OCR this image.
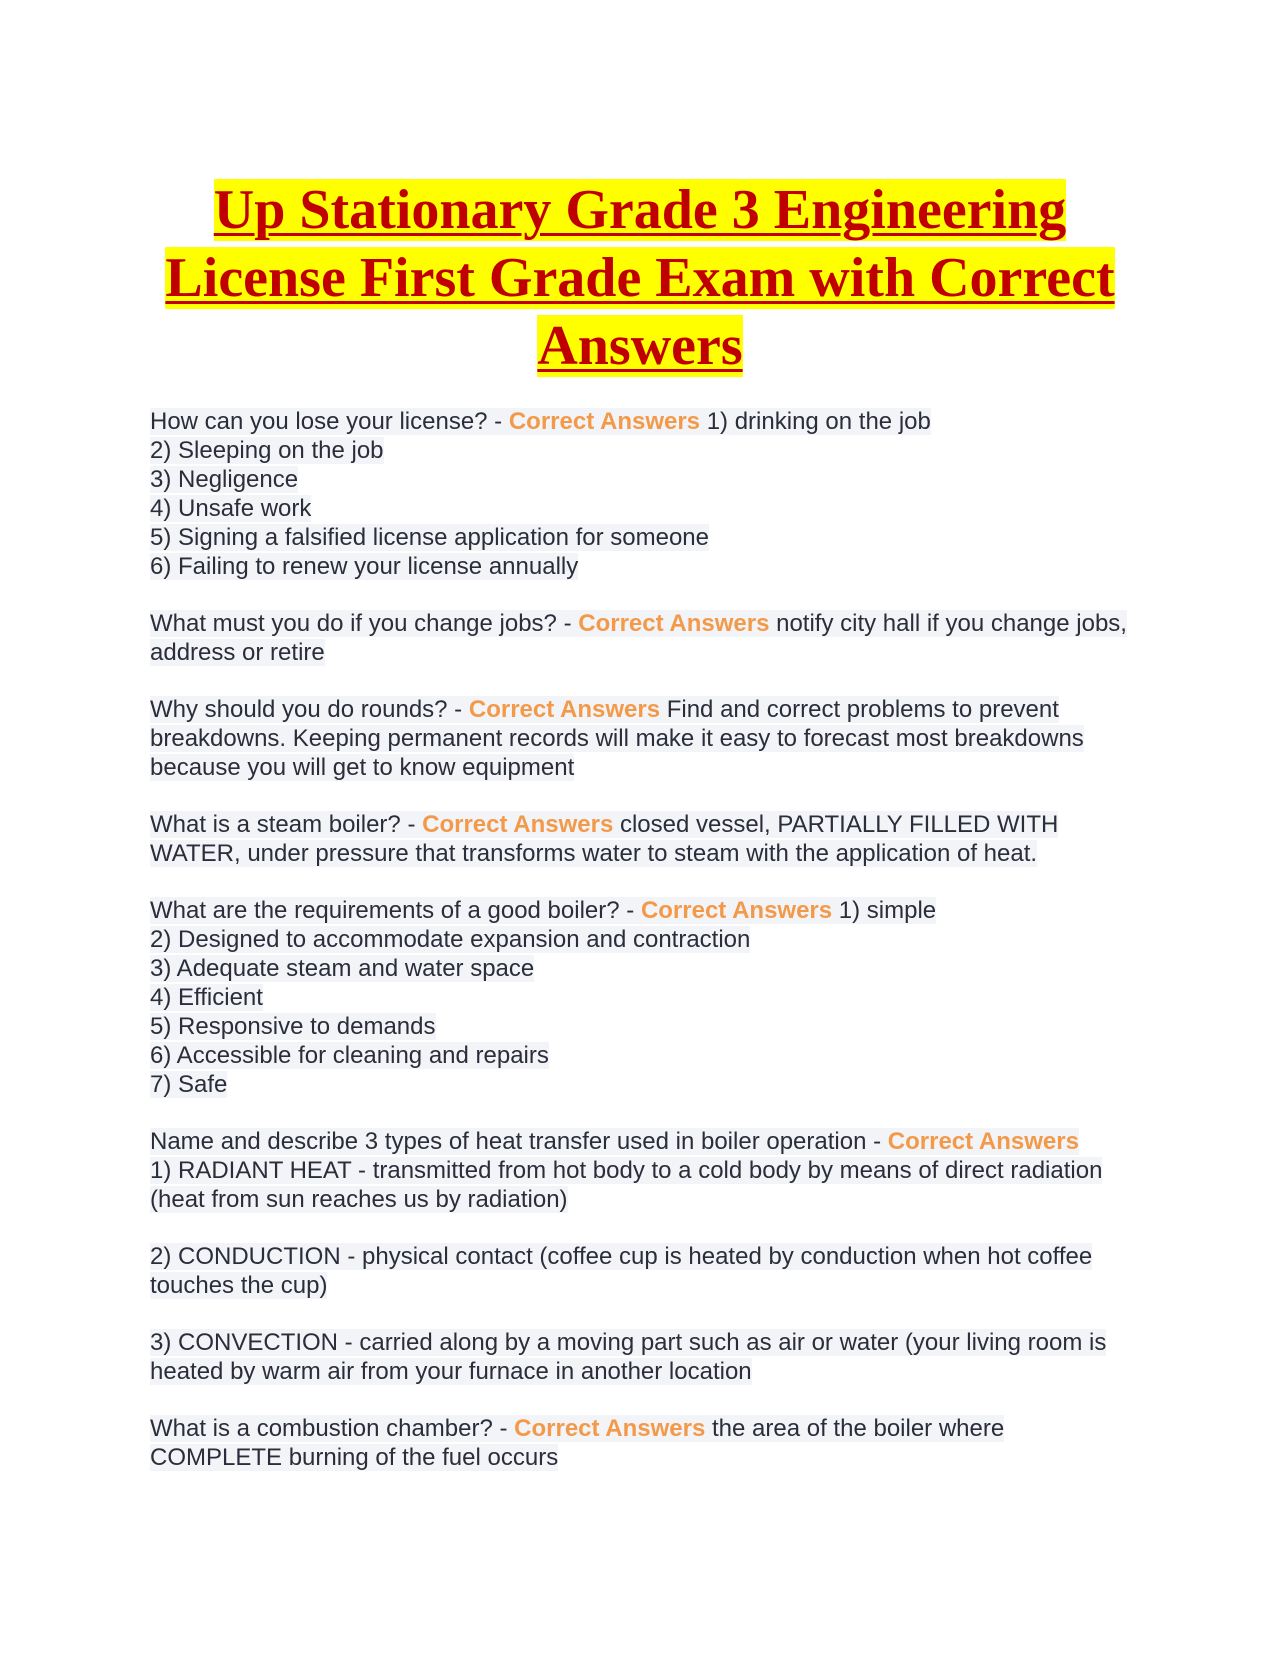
Up Stationary Grade 3 Engineering License First Grade Exam with Correct Answers
How can you lose your license? - Correct Answers 1) drinking on the job
2) Sleeping on the job
3) Negligence
4) Unsafe work
5) Signing a falsified license application for someone
6) Failing to renew your license annually
What must you do if you change jobs? - Correct Answers notify city hall if you change jobs, address or retire
Why should you do rounds? - Correct Answers Find and correct problems to prevent breakdowns. Keeping permanent records will make it easy to forecast most breakdowns because you will get to know equipment
What is a steam boiler? - Correct Answers closed vessel, PARTIALLY FILLED WITH WATER, under pressure that transforms water to steam with the application of heat.
What are the requirements of a good boiler? - Correct Answers 1) simple
2) Designed to accommodate expansion and contraction
3) Adequate steam and water space
4) Efficient
5) Responsive to demands
6) Accessible for cleaning and repairs
7) Safe
Name and describe 3 types of heat transfer used in boiler operation - Correct Answers
1) RADIANT HEAT - transmitted from hot body to a cold body by means of direct radiation (heat from sun reaches us by radiation)
2) CONDUCTION - physical contact (coffee cup is heated by conduction when hot coffee touches the cup)
3) CONVECTION - carried along by a moving part such as air or water (your living room is heated by warm air from your furnace in another location
What is a combustion chamber? - Correct Answers the area of the boiler where COMPLETE burning of the fuel occurs
